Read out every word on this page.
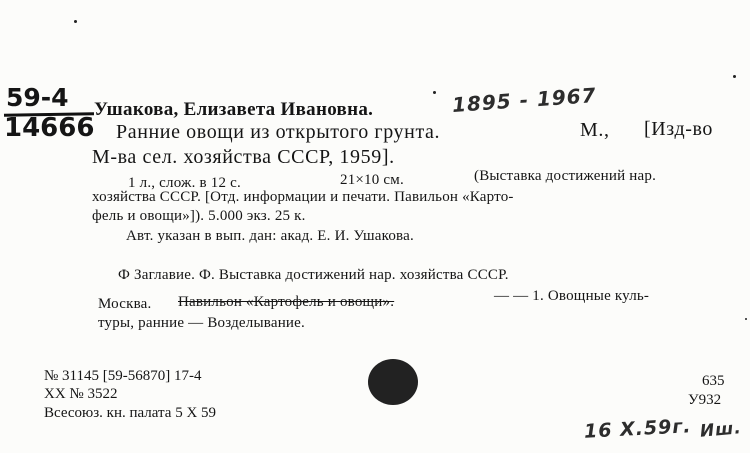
59-4
14666
Ушакова, Елизавета Ивановна.	1895 - 1967
Ранние овощи из открытого грунта.	М., [Изд-во
М-ва сел. хозяйства СССР, 1959].
1 л., слож. в 12 с.	21×10 см.	(Выставка достижений нар.
хозяйства СССР. [Отд. информации и печати. Павильон «Карто-
фель и овощи»]). 5.000 экз. 25 к.
Авт. указан в вып. дан: акад. Е. И. Ушакова.
Ф Заглавие. Ф. Выставка достижений нар. хозяйства СССР.
Москва. Павильон «Картофель и овощи».	— — 1. Овощные куль-
туры, ранние — Возделывание.
№ 31145 [59-56870] 17-4
XX № 3522
Всесоюз. кн. палата 5 X 59
635
У932
16 X.59г. Иш.
